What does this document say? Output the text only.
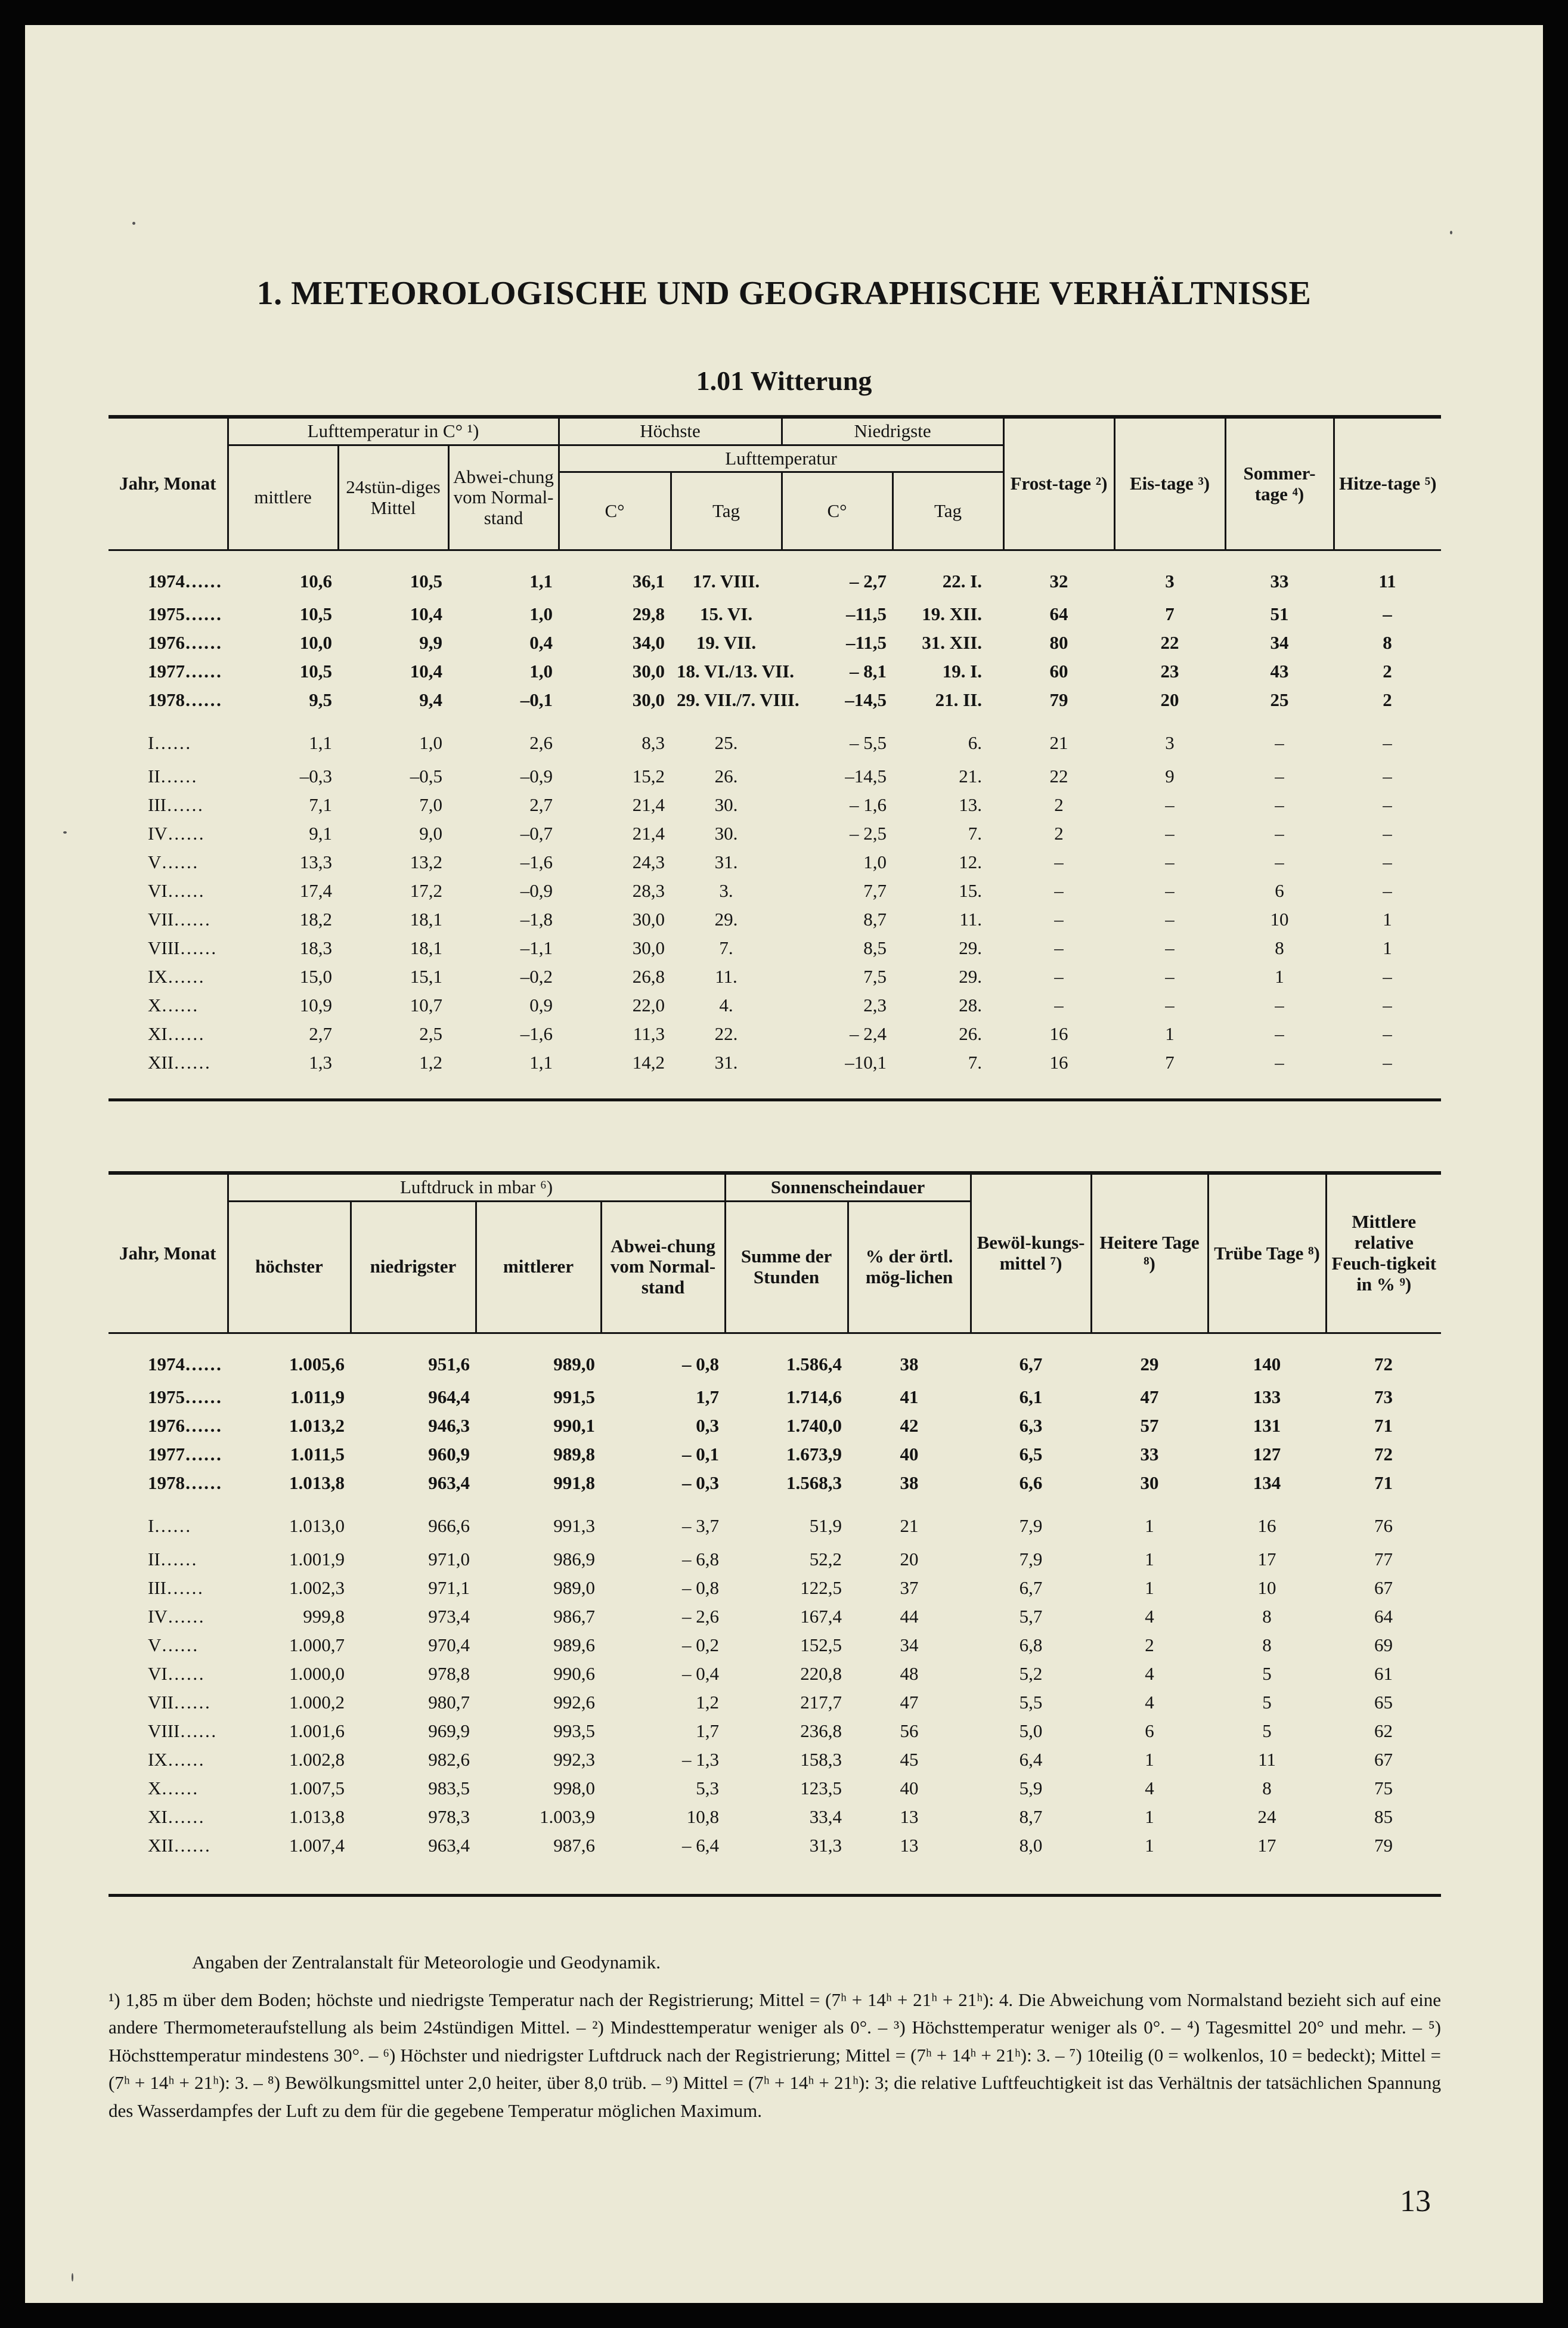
1. METEOROLOGISCHE UND GEOGRAPHISCHE VERHÄLTNISSE
1.01 Witterung
Jahr, Monat	Lufttemperatur in C° ¹)			Höchste		Niedrigste		Frost-tage ²)	Eis-tage ³)	Sommer-tage ⁴)	Hitze-tage ⁵)
	mittlere	24stün-diges Mittel	Abwei-chung vom Normal-stand	Lufttemperatur							
				C°	Tag	C°	Tag				
1974……	10,6	10,5	1,1	36,1	17. VIII.	– 2,7	22. I.	32	3	33	11
1975……	10,5	10,4	1,0	29,8	15. VI.	–11,5	19. XII.	64	7	51	–
1976……	10,0	9,9	0,4	34,0	19. VII.	–11,5	31. XII.	80	22	34	8
1977……	10,5	10,4	1,0	30,0	18. VI./13. VII.	– 8,1	19. I.	60	23	43	2
1978……	9,5	9,4	–0,1	30,0	29. VII./7. VIII.	–14,5	21. II.	79	20	25	2
I……	1,1	1,0	2,6	8,3	25.	– 5,5	6.	21	3	–	–
II……	–0,3	–0,5	–0,9	15,2	26.	–14,5	21.	22	9	–	–
III……	7,1	7,0	2,7	21,4	30.	– 1,6	13.	2	–	–	–
IV……	9,1	9,0	–0,7	21,4	30.	– 2,5	7.	2	–	–	–
V……	13,3	13,2	–1,6	24,3	31.	1,0	12.	–	–	–	–
VI……	17,4	17,2	–0,9	28,3	3.	7,7	15.	–	–	6	–
VII……	18,2	18,1	–1,8	30,0	29.	8,7	11.	–	–	10	1
VIII……	18,3	18,1	–1,1	30,0	7.	8,5	29.	–	–	8	1
IX……	15,0	15,1	–0,2	26,8	11.	7,5	29.	–	–	1	–
X……	10,9	10,7	0,9	22,0	4.	2,3	28.	–	–	–	–
XI……	2,7	2,5	–1,6	11,3	22.	– 2,4	26.	16	1	–	–
XII……	1,3	1,2	1,1	14,2	31.	–10,1	7.	16	7	–	–
Jahr, Monat	Luftdruck in mbar ⁶)				Sonnenscheindauer		Bewöl-kungs-mittel ⁷)	Heitere Tage ⁸)	Trübe Tage ⁸)	Mittlere relative Feuch-tigkeit in % ⁹)
	höchster	niedrigster	mittlerer	Abwei-chung vom Normal-stand	Summe der Stunden	% der örtl. mög-lichen				
1974……	1.005,6	951,6	989,0	– 0,8	1.586,4	38	6,7	29	140	72
1975……	1.011,9	964,4	991,5	1,7	1.714,6	41	6,1	47	133	73
1976……	1.013,2	946,3	990,1	0,3	1.740,0	42	6,3	57	131	71
1977……	1.011,5	960,9	989,8	– 0,1	1.673,9	40	6,5	33	127	72
1978……	1.013,8	963,4	991,8	– 0,3	1.568,3	38	6,6	30	134	71
I……	1.013,0	966,6	991,3	– 3,7	51,9	21	7,9	1	16	76
II……	1.001,9	971,0	986,9	– 6,8	52,2	20	7,9	1	17	77
III……	1.002,3	971,1	989,0	– 0,8	122,5	37	6,7	1	10	67
IV……	999,8	973,4	986,7	– 2,6	167,4	44	5,7	4	8	64
V……	1.000,7	970,4	989,6	– 0,2	152,5	34	6,8	2	8	69
VI……	1.000,0	978,8	990,6	– 0,4	220,8	48	5,2	4	5	61
VII……	1.000,2	980,7	992,6	1,2	217,7	47	5,5	4	5	65
VIII……	1.001,6	969,9	993,5	1,7	236,8	56	5,0	6	5	62
IX……	1.002,8	982,6	992,3	– 1,3	158,3	45	6,4	1	11	67
X……	1.007,5	983,5	998,0	5,3	123,5	40	5,9	4	8	75
XI……	1.013,8	978,3	1.003,9	10,8	33,4	13	8,7	1	24	85
XII……	1.007,4	963,4	987,6	– 6,4	31,3	13	8,0	1	17	79
Angaben der Zentralanstalt für Meteorologie und Geodynamik.
¹) 1,85 m über dem Boden; höchste und niedrigste Temperatur nach der Registrierung; Mittel = (7ʰ + 14ʰ + 21ʰ + 21ʰ): 4. Die Abweichung vom Normalstand bezieht sich auf eine andere Thermometeraufstellung als beim 24stündigen Mittel. – ²) Mindesttemperatur weniger als 0°. – ³) Höchsttemperatur weniger als 0°. – ⁴) Tagesmittel 20° und mehr. – ⁵) Höchsttemperatur mindestens 30°. – ⁶) Höchster und niedrigster Luftdruck nach der Registrierung; Mittel = (7ʰ + 14ʰ + 21ʰ): 3. – ⁷) 10teilig (0 = wolkenlos, 10 = bedeckt); Mittel = (7ʰ + 14ʰ + 21ʰ): 3. – ⁸) Bewölkungsmittel unter 2,0 heiter, über 8,0 trüb. – ⁹) Mittel = (7ʰ + 14ʰ + 21ʰ): 3; die relative Luftfeuchtigkeit ist das Verhältnis der tatsächlichen Spannung des Wasserdampfes der Luft zu dem für die gegebene Temperatur möglichen Maximum.
13
